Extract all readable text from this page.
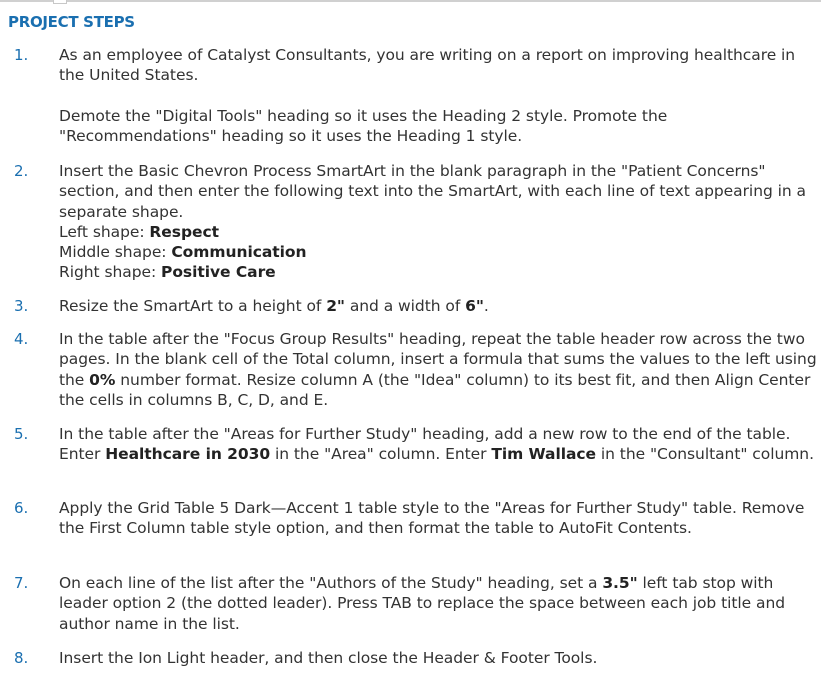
PROJECT STEPS
1. As an employee of Catalyst Consultants, you are writing on a report on improving healthcare in the United States.

Demote the "Digital Tools" heading so it uses the Heading 2 style. Promote the "Recommendations" heading so it uses the Heading 1 style.

2. Insert the Basic Chevron Process SmartArt in the blank paragraph in the "Patient Concerns" section, and then enter the following text into the SmartArt, with each line of text appearing in a separate shape.

Left shape: Respect

Middle shape: Communication

Right shape: Positive Care

3. Resize the SmartArt to a height of 2" and a width of 6".

4. In the table after the "Focus Group Results" heading, repeat the table header row across the two pages. In the blank cell of the Total column, insert a formula that sums the values to the left using the 0% number format. Resize column A (the "Idea" column) to its best fit, and then Align Center the cells in columns B, C, D, and E.

5. In the table after the "Areas for Further Study" heading, add a new row to the end of the table. Enter Healthcare in 2030 in the "Area" column. Enter Tim Wallace in the "Consultant" column.

6. Apply the Grid Table 5 Dark—Accent 1 table style to the "Areas for Further Study" table. Remove the First Column table style option, and then format the table to AutoFit Contents.

7. On each line of the list after the "Authors of the Study" heading, set a 3.5" left tab stop with leader option 2 (the dotted leader). Press TAB to replace the space between each job title and author name in the list.

8. Insert the Ion Light header, and then close the Header & Footer Tools.
